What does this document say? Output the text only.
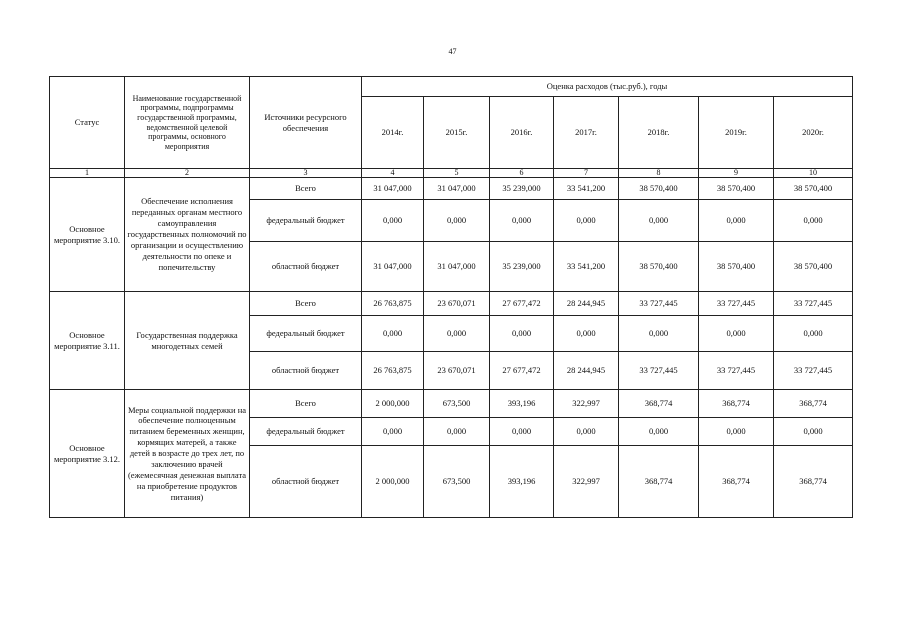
47
Статус	Наименование государственной программы, подпрограммы государственной программы, ведомственной целевой программы, основного мероприятия	Источники ресурсного обеспечения	Оценка расходов (тыс.руб.), годы						
			2014г.	2015г.	2016г.	2017г.	2018г.	2019г.	2020г.
1	2	3	4	5	6	7	8	9	10
Основное мероприятие 3.10.	Обеспечение исполнения переданных органам местного самоуправления государственных полномочий по организации и осуществлению деятельности по опеке и попечительству	Всего	31 047,000	31 047,000	35 239,000	33 541,200	38 570,400	38 570,400	38 570,400
		федеральный бюджет	0,000	0,000	0,000	0,000	0,000	0,000	0,000
		областной бюджет	31 047,000	31 047,000	35 239,000	33 541,200	38 570,400	38 570,400	38 570,400
Основное мероприятие 3.11.	Государственная поддержка многодетных семей	Всего	26 763,875	23 670,071	27 677,472	28 244,945	33 727,445	33 727,445	33 727,445
		федеральный бюджет	0,000	0,000	0,000	0,000	0,000	0,000	0,000
		областной бюджет	26 763,875	23 670,071	27 677,472	28 244,945	33 727,445	33 727,445	33 727,445
Основное мероприятие 3.12.	Меры социальной поддержки на обеспечение полноценным питанием беременных женщин, кормящих матерей, а также детей в возрасте до трех лет, по заключению врачей (ежемесячная денежная выплата на приобретение продуктов питания)	Всего	2 000,000	673,500	393,196	322,997	368,774	368,774	368,774
		федеральный бюджет	0,000	0,000	0,000	0,000	0,000	0,000	0,000
		областной бюджет	2 000,000	673,500	393,196	322,997	368,774	368,774	368,774
